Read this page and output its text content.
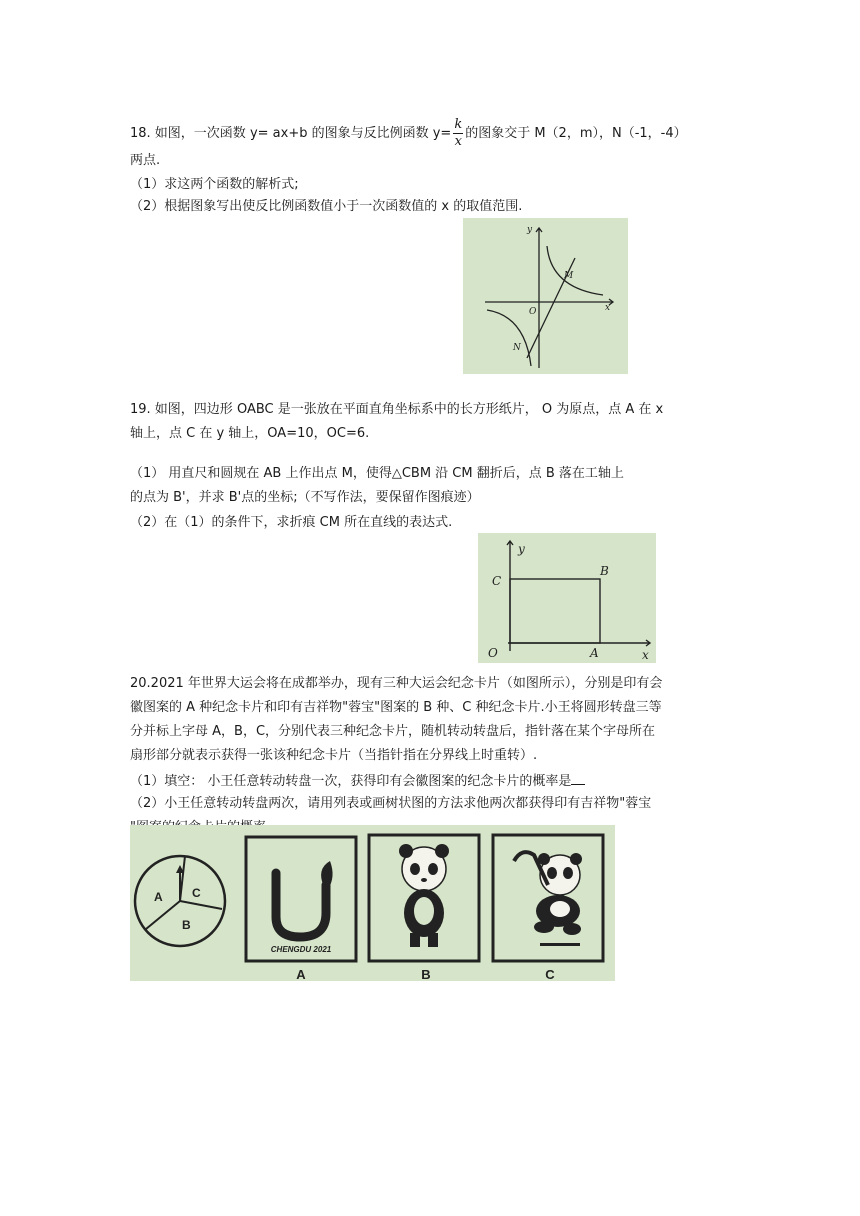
18. 如图，一次函数 y= ax+b 的图象与反比例函数 $y= \frac{k}{x}$ 的图象交于 M（2，m），N（-1，-4）
两点.
（1）求这两个函数的解析式;
（2）根据图象写出使反比例函数值小于一次函数值的 x 的取值范围.
y
x
O
M
N
19. 如图，四边形 OABC 是一张放在平面直角坐标系中的长方形纸片， O 为原点，点 A 在 x
轴上，点 C 在 y 轴上，OA=10，OC=6.
（1） 用直尺和圆规在 AB 上作出点 M，使得△CBM 沿 CM 翻折后，点 B 落在工轴上
的点为 B'，并求 B'点的坐标;（不写作法，要保留作图痕迹）
（2）在（1）的条件下，求折痕 CM 所在直线的表达式.
y
x
O	A
B
C
20.2021 年世界大运会将在成都举办，现有三种大运会纪念卡片（如图所示），分别是印有会
徽图案的 A 种纪念卡片和印有吉祥物"蓉宝"图案的 B 种、C 种纪念卡片.小王将圆形转盘三等
分并标上字母 A，B，C，分别代表三种纪念卡片，随机转动转盘后，指针落在某个字母所在
扇形部分就表示获得一张该种纪念卡片（当指针指在分界线上时重转）.
（1）填空： 小王任意转动转盘一次，获得印有会徽图案的纪念卡片的概率是
（2）小王任意转动转盘两次，请用列表或画树状图的方法求他两次都获得印有吉祥物"蓉宝
A C
B
CHENGDU 2021
A	B	C
